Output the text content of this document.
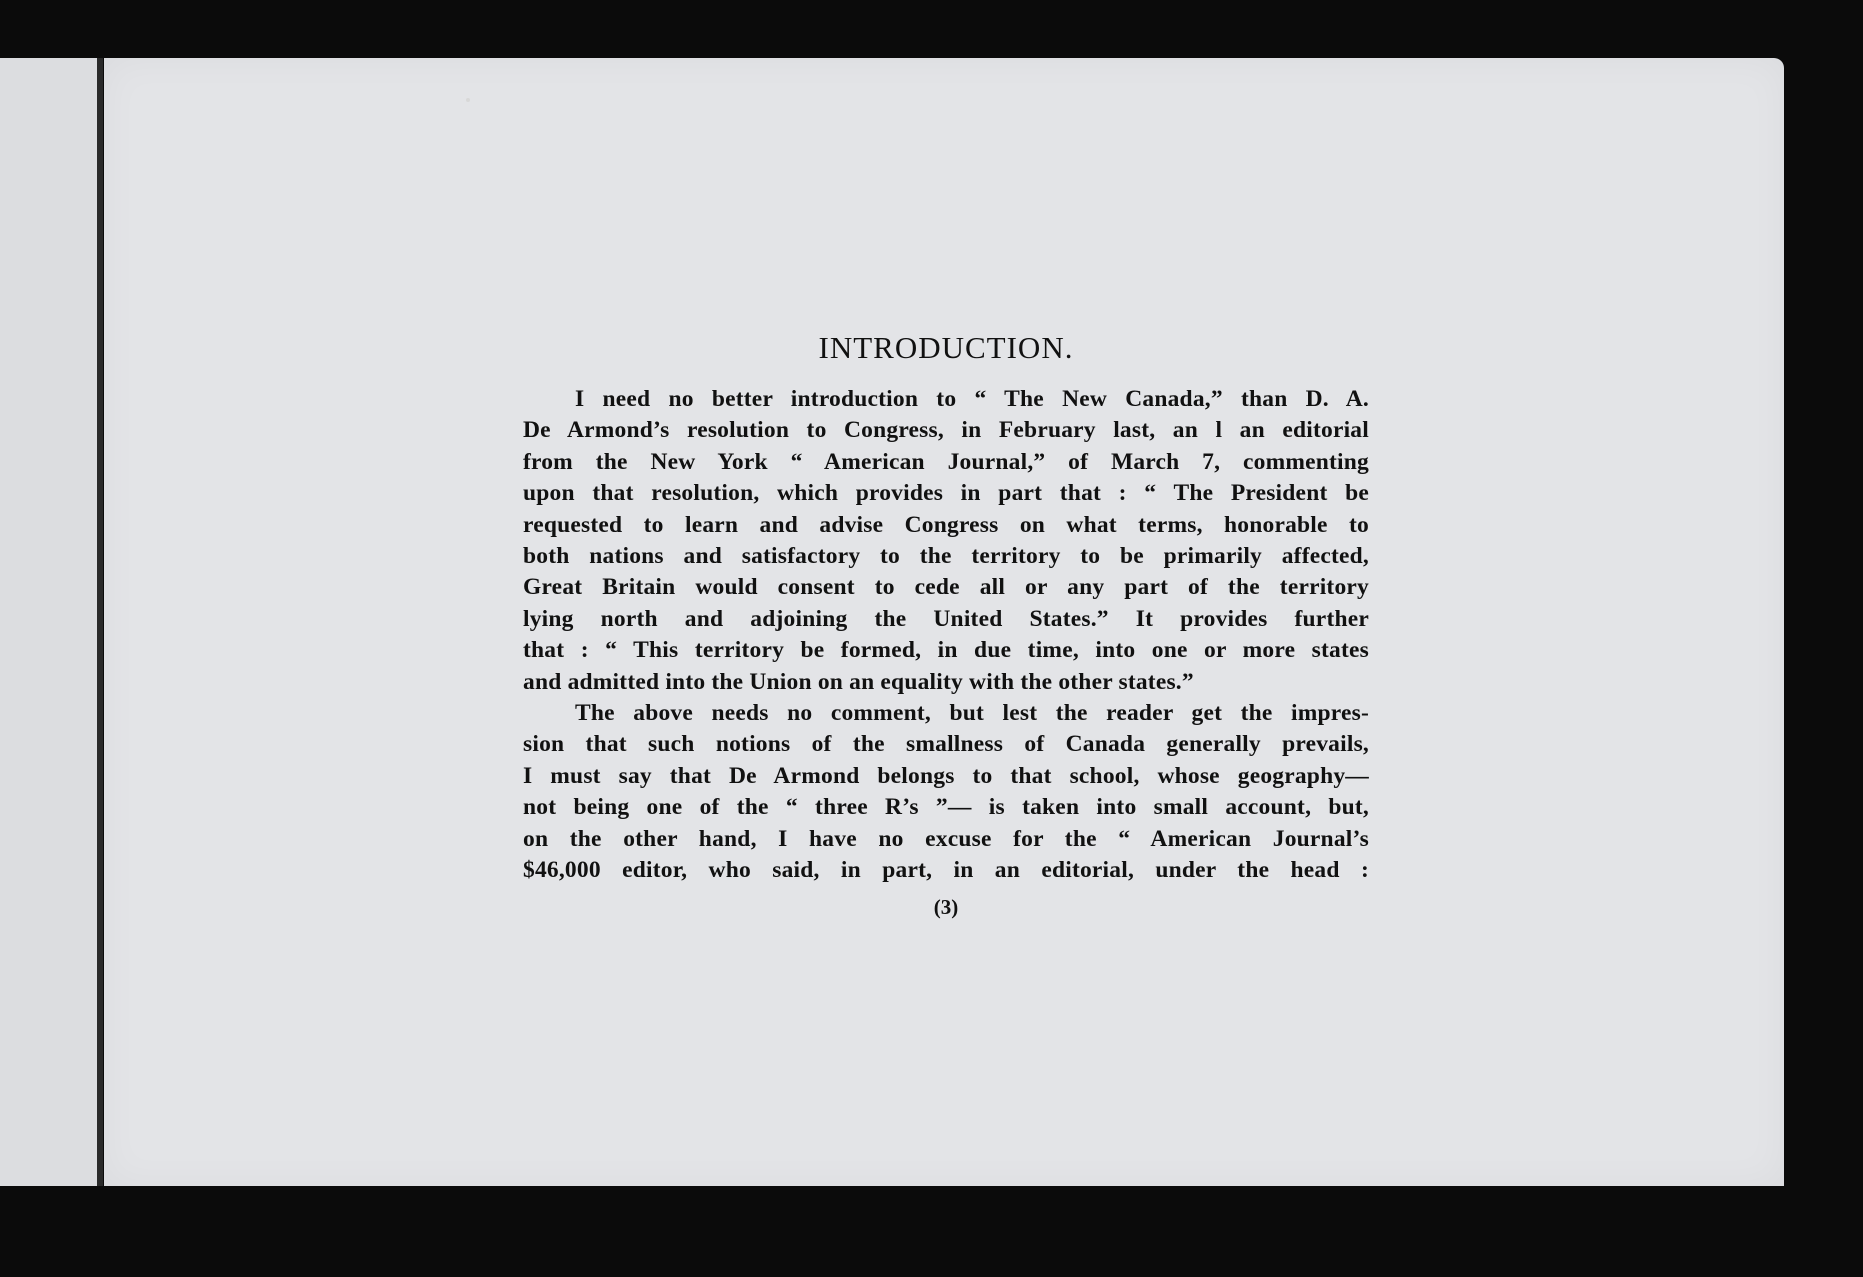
INTRODUCTION.

I need no better introduction to “ The New Canada,” than D. A.
De Armond’s resolution to Congress, in February last, an l an editorial
from the New York “ American Journal,” of March 7, commenting
upon that resolution, which provides in part that : “ The President be
requested to learn and advise Congress on what terms, honorable to
both nations and satisfactory to the territory to be primarily affected,
Great Britain would consent to cede all or any part of the territory
lying north and adjoining the United States.” It provides further
that : “ This territory be formed, in due time, into one or more states
and admitted into the Union on an equality with the other states.”

The above needs no comment, but lest the reader get the impres-
sion that such notions of the smallness of Canada generally prevails,
I must say that De Armond belongs to that school, whose geography—
not being one of the “ three R’s ”— is taken into small account, but,
on the other hand, I have no excuse for the “ American Journal’s
$46,000 editor, who said, in part, in an editorial, under the head :

(3)
